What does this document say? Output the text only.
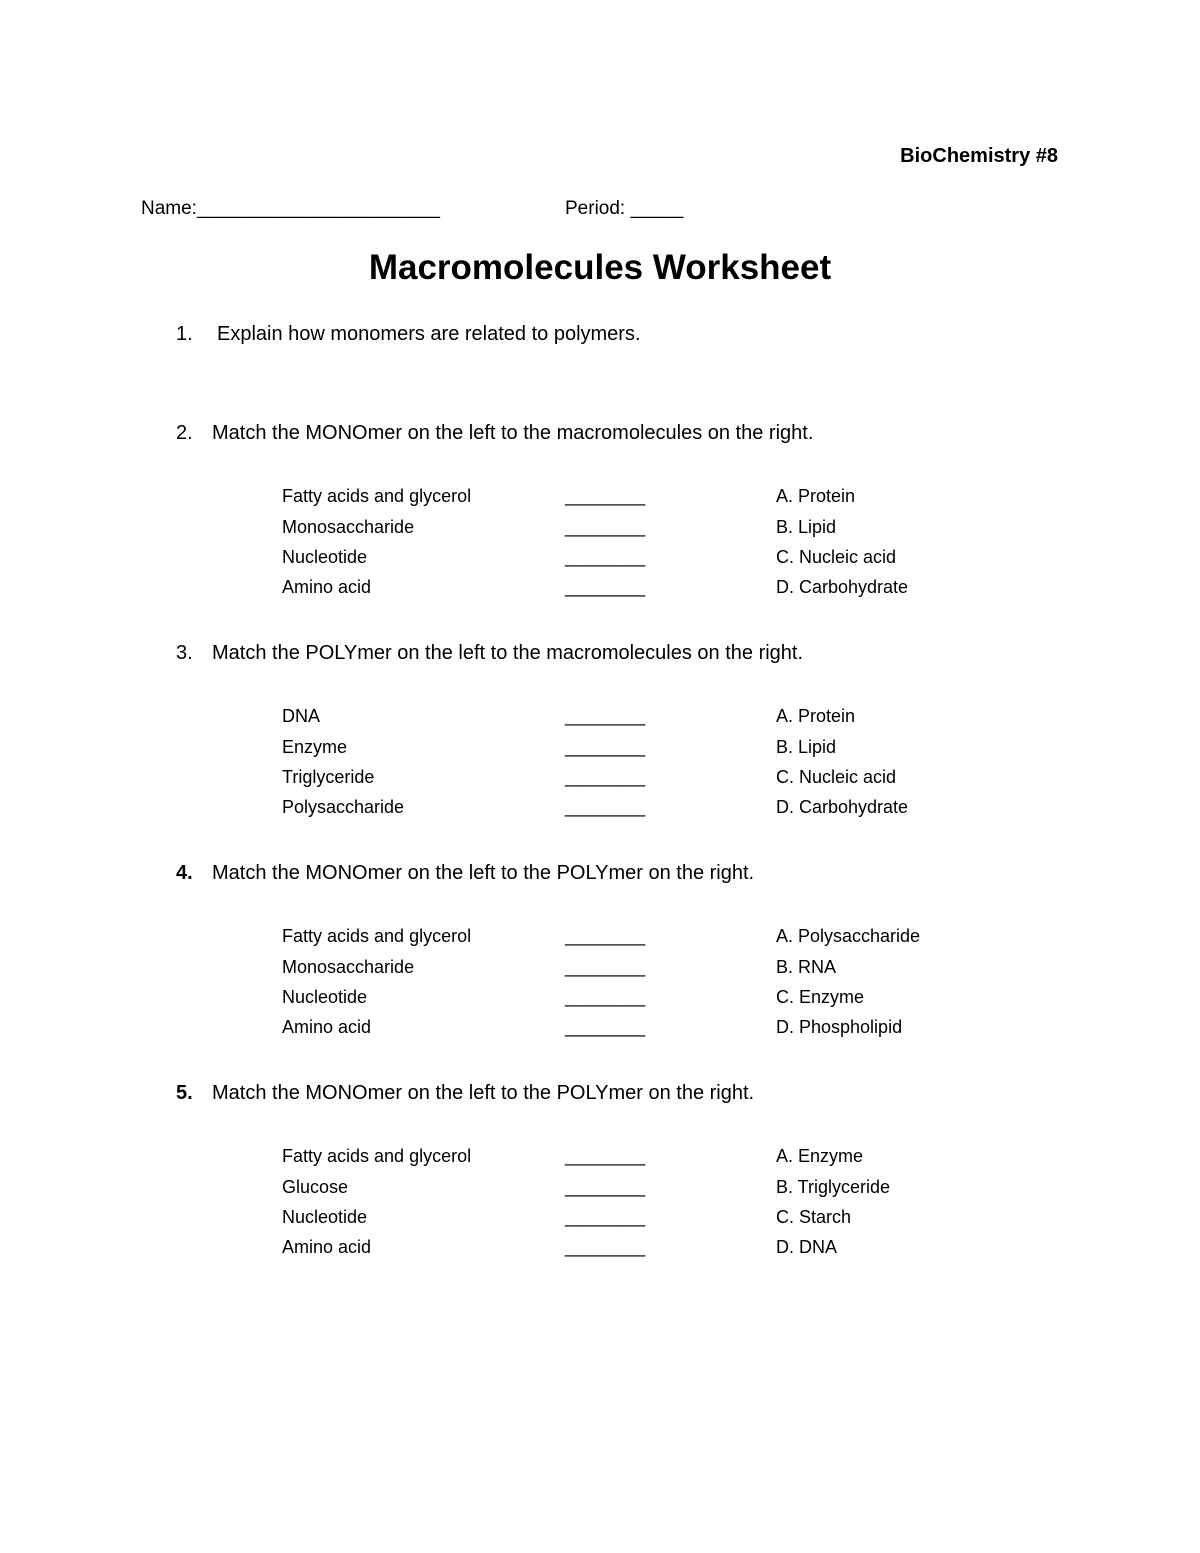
BioChemistry #8
Name:_______________________	Period: _____
Macromolecules Worksheet
1. Explain how monomers are related to polymers.
2. Match the MONOmer on the left to the macromolecules on the right.
Fatty acids and glycerol	________	A. Protein
Monosaccharide	________	B. Lipid
Nucleotide	________	C. Nucleic acid
Amino acid	________	D. Carbohydrate
3. Match the POLYmer on the left to the macromolecules on the right.
DNA	________	A. Protein
Enzyme	________	B. Lipid
Triglyceride	________	C. Nucleic acid
Polysaccharide	________	D. Carbohydrate
4. Match the MONOmer on the left to the POLYmer on the right.
Fatty acids and glycerol	________	A. Polysaccharide
Monosaccharide	________	B. RNA
Nucleotide	________	C. Enzyme
Amino acid	________	D. Phospholipid
5. Match the MONOmer on the left to the POLYmer on the right.
Fatty acids and glycerol	________	A. Enzyme
Glucose	________	B. Triglyceride
Nucleotide	________	C. Starch
Amino acid	________	D. DNA
